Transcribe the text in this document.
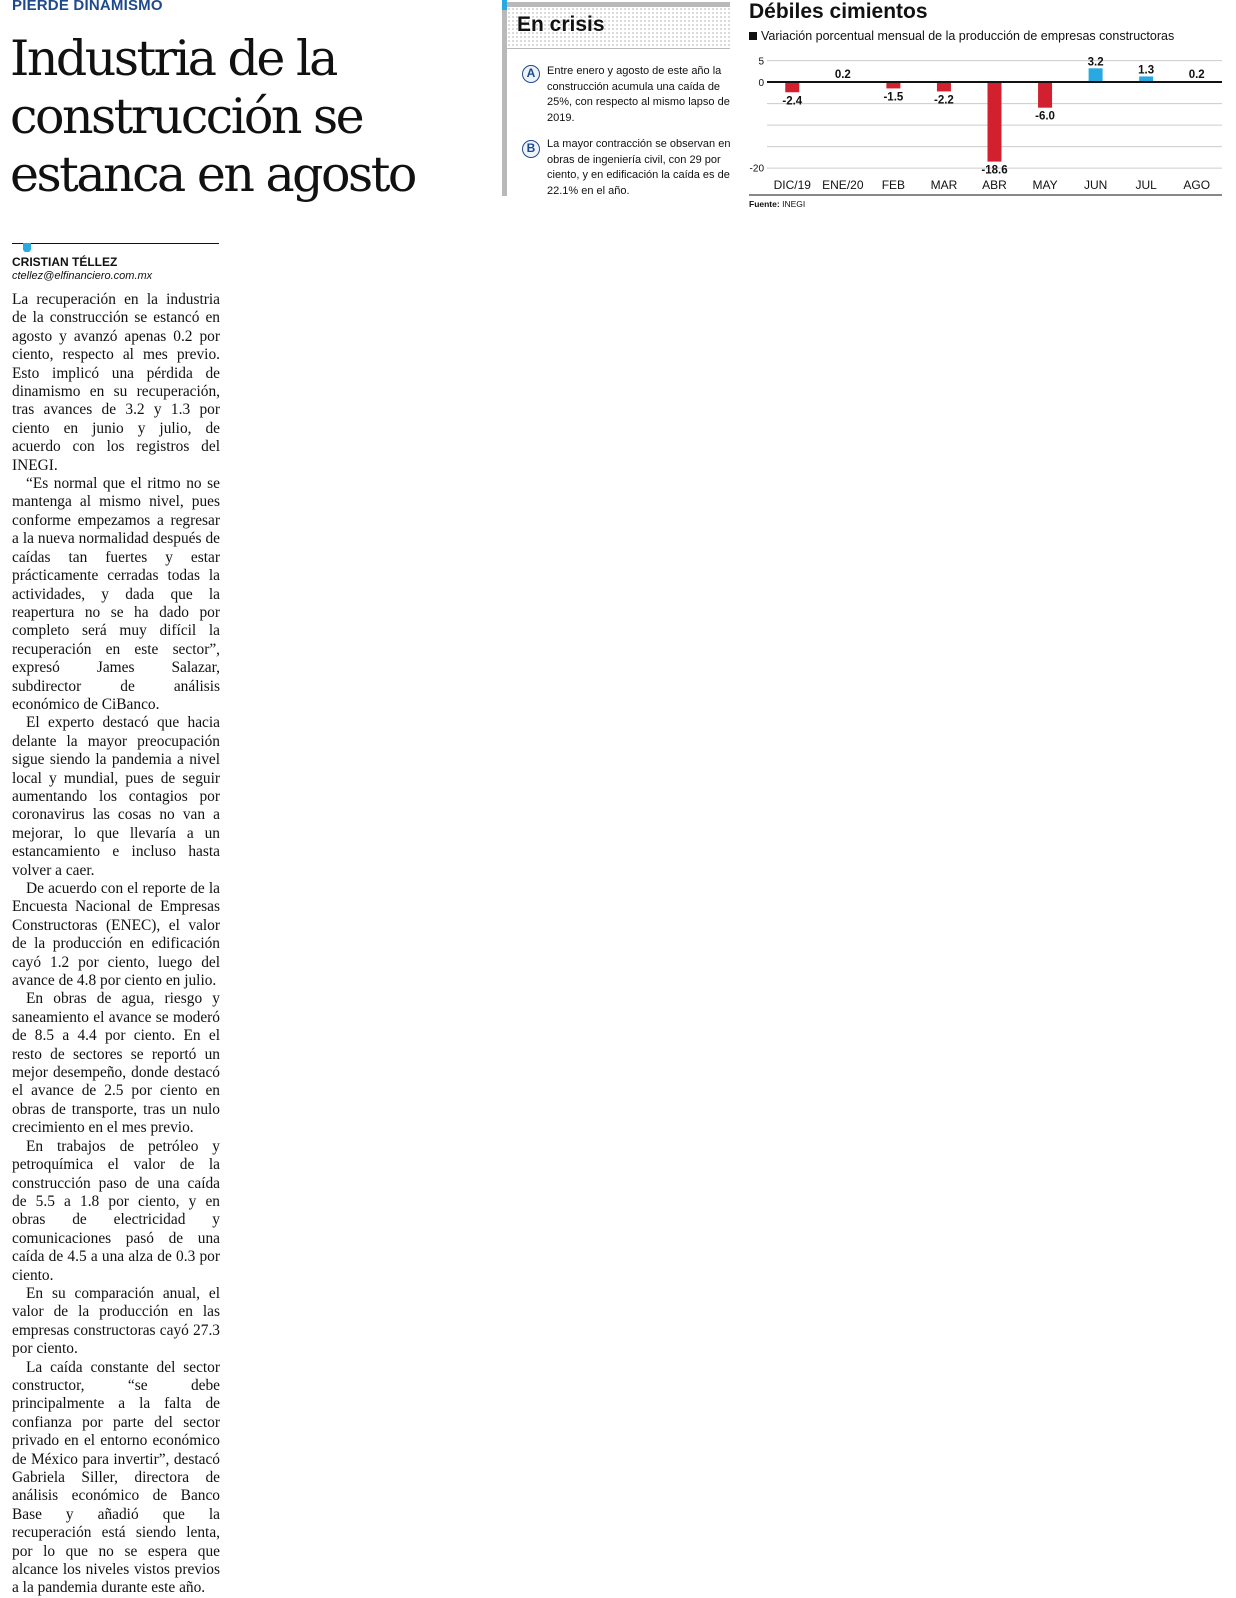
PIERDE DINAMISMO
Industria de la construcción se estanca en agosto
CRISTIAN TÉLLEZ
ctellez@elfinanciero.com.mx

La recuperación en la industria de la construcción se estancó en agosto y avanzó apenas 0.2 por ciento, respecto al mes previo. Esto implicó una pérdida de dinamismo en su recuperación, tras avances de 3.2 y 1.3 por ciento en junio y julio, de acuerdo con los registros del INEGI.

“Es normal que el ritmo no se mantenga al mismo nivel, pues conforme empezamos a regresar a la nueva normalidad después de caídas tan fuertes y estar prácticamente cerradas todas la actividades, y dada que la reapertura no se ha dado por completo será muy difícil la recuperación en este sector”, expresó James Salazar, subdirector de análisis económico de CiBanco.

El experto destacó que hacia delante la mayor preocupación sigue siendo la pandemia a nivel local y mundial, pues de seguir aumentando los contagios por coronavirus las cosas no van a mejorar, lo que llevaría a un estancamiento e incluso hasta volver a caer.

De acuerdo con el reporte de la Encuesta Nacional de Empresas Constructoras (ENEC), el valor de la producción en edificación cayó 1.2 por ciento, luego del avance de 4.8 por ciento en julio.

En obras de agua, riesgo y saneamiento el avance se moderó de 8.5 a 4.4 por ciento. En el resto de sectores se reportó un mejor desempeño, donde destacó el avance de 2.5 por ciento en obras de transporte, tras un nulo crecimiento en el mes previo.

En trabajos de petróleo y petroquímica el valor de la construcción paso de una caída de 5.5 a 1.8 por ciento, y en obras de electricidad y comunicaciones pasó de una caída de 4.5 a una alza de 0.3 por ciento.

En su comparación anual, el valor de la producción en las empresas constructoras cayó 27.3 por ciento.

La caída constante del sector constructor, “se debe principalmente a la falta de confianza por parte del sector privado en el entorno económico de México para invertir”, destacó Gabriela Siller, directora de análisis económico de Banco Base y añadió que la recuperación está siendo lenta, por lo que no se espera que alcance los niveles vistos previos a la pandemia durante este año.

En crisis
A	Entre enero y agosto de este año la construcción acumula una caída de 25%, con respecto al mismo lapso de 2019.
B	La mayor contracción se observan en obras de ingeniería civil, con 29 por ciento, y en edificación la caída es de 22.1% en el año.
Débiles cimientos
Variación porcentual mensual de la producción de empresas constructoras
5
0
-20
-2.4
DIC/19
0.2
ENE/20
-1.5
FEB
-2.2
MAR
-18.6
ABR
-6.0
MAY
3.2
JUN
1.3
JUL
0.2
AGO
Fuente: INEGI
